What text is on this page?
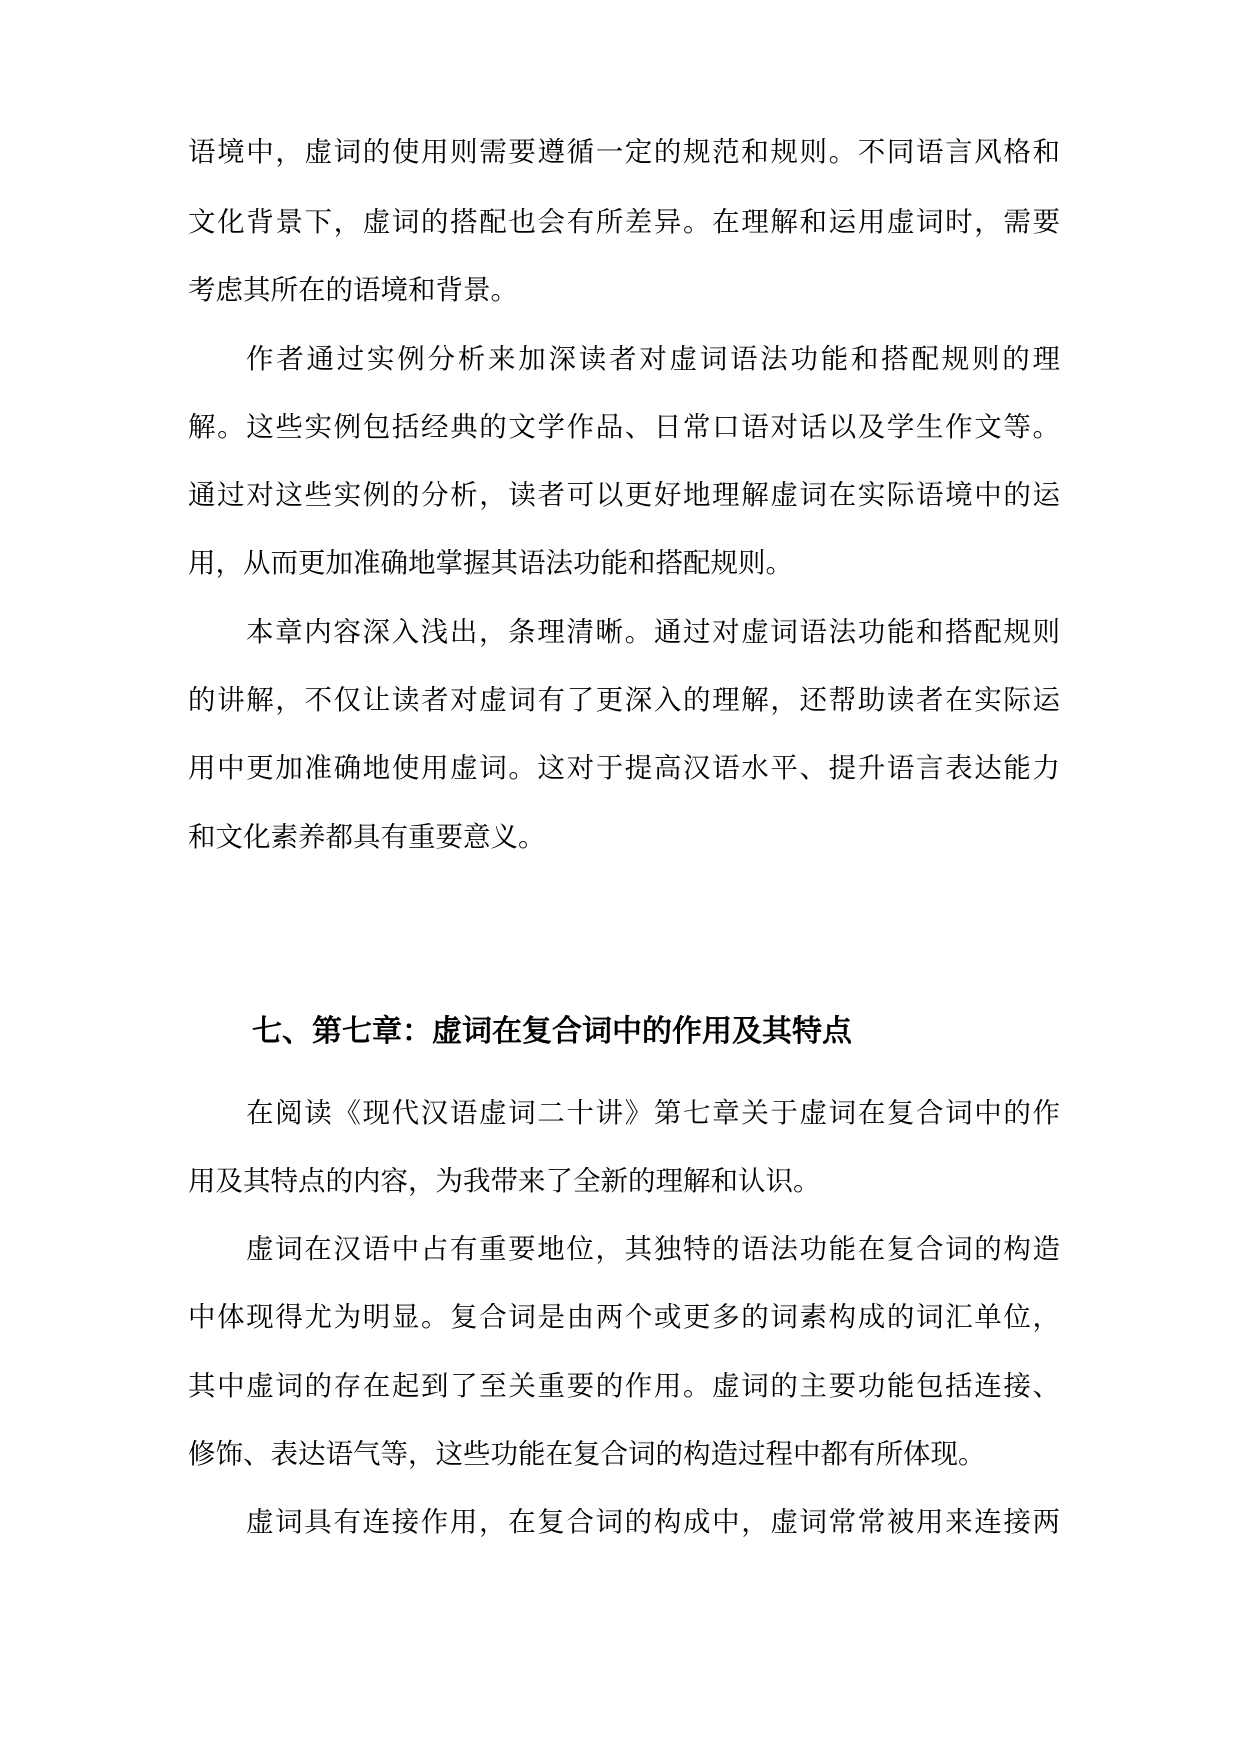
语境中，虚词的使用则需要遵循一定的规范和规则。不同语言风格和
文化背景下，虚词的搭配也会有所差异。在理解和运用虚词时，需要
考虑其所在的语境和背景。
作者通过实例分析来加深读者对虚词语法功能和搭配规则的理
解。这些实例包括经典的文学作品、日常口语对话以及学生作文等。
通过对这些实例的分析，读者可以更好地理解虚词在实际语境中的运
用，从而更加准确地掌握其语法功能和搭配规则。
本章内容深入浅出，条理清晰。通过对虚词语法功能和搭配规则
的讲解，不仅让读者对虚词有了更深入的理解，还帮助读者在实际运
用中更加准确地使用虚词。这对于提高汉语水平、提升语言表达能力
和文化素养都具有重要意义。
七、第七章：虚词在复合词中的作用及其特点
在阅读《现代汉语虚词二十讲》第七章关于虚词在复合词中的作
用及其特点的内容，为我带来了全新的理解和认识。
虚词在汉语中占有重要地位，其独特的语法功能在复合词的构造
中体现得尤为明显。复合词是由两个或更多的词素构成的词汇单位，
其中虚词的存在起到了至关重要的作用。虚词的主要功能包括连接、
修饰、表达语气等，这些功能在复合词的构造过程中都有所体现。
虚词具有连接作用，在复合词的构成中，虚词常常被用来连接两
